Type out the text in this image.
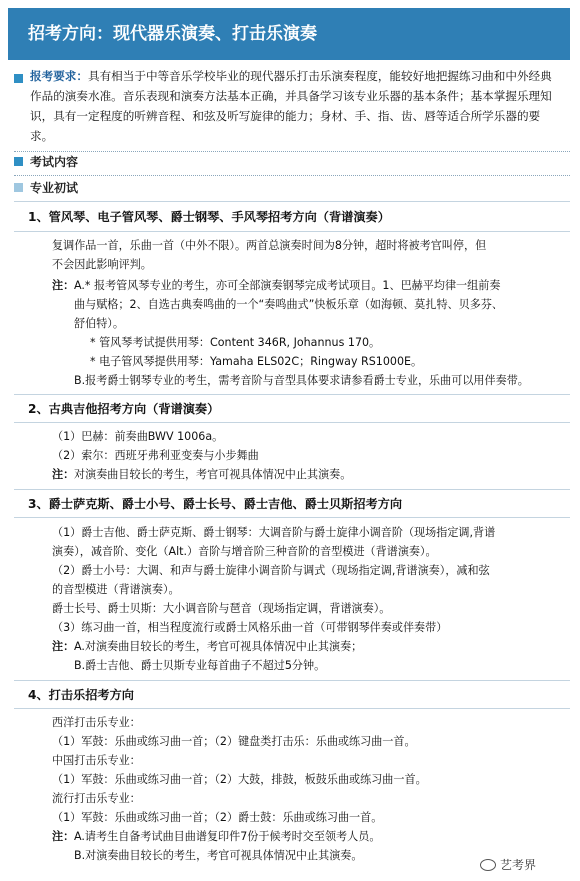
招考方向：现代器乐演奏、打击乐演奏
报考要求：具有相当于中等音乐学校毕业的现代器乐打击乐演奏程度，能较好地把握练习曲和中外经典作品的演奏水准。音乐表现和演奏方法基本正确，并具备学习该专业乐器的基本条件；基本掌握乐理知识，具有一定程度的听辨音程、和弦及听写旋律的能力；身材、手、指、齿、唇等适合所学乐器的要求。
考试内容
专业初试
1、管风琴、电子管风琴、爵士钢琴、手风琴招考方向（背谱演奏）
复调作品一首，乐曲一首（中外不限）。两首总演奏时间为8分钟，超时将被考官叫停，但
不会因此影响评判。
注： A.* 报考管风琴专业的考生，亦可全部演奏钢琴完成考试项目。1、巴赫平均律一组前奏
曲与赋格；2、自选古典奏鸣曲的一个“奏鸣曲式”快板乐章（如海顿、莫扎特、贝多芬、
舒伯特）。
* 管风琴考试提供用琴：Content 346R, Johannus 170。
* 电子管风琴提供用琴：Yamaha ELS02C；Ringway RS1000E。
B.报考爵士钢琴专业的考生，需考音阶与音型具体要求请参看爵士专业，乐曲可以用伴奏带。
2、古典吉他招考方向（背谱演奏）
（1）巴赫：前奏曲BWV 1006a。
（2）索尔：西班牙弗利亚变奏与小步舞曲
注： 对演奏曲目较长的考生，考官可视具体情况中止其演奏。
3、爵士萨克斯、爵士小号、爵士长号、爵士吉他、爵士贝斯招考方向
（1）爵士吉他、爵士萨克斯、爵士钢琴：大调音阶与爵士旋律小调音阶（现场指定调,背谱
演奏），减音阶、变化（Alt.）音阶与增音阶三种音阶的音型模进（背谱演奏）。
（2）爵士小号：大调、和声与爵士旋律小调音阶与调式（现场指定调,背谱演奏），减和弦
的音型模进（背谱演奏）。
爵士长号、爵士贝斯：大小调音阶与琶音（现场指定调，背谱演奏）。
（3）练习曲一首，相当程度流行或爵士风格乐曲一首（可带钢琴伴奏或伴奏带）
注： A.对演奏曲目较长的考生，考官可视具体情况中止其演奏；
B.爵士吉他、爵士贝斯专业每首曲子不超过5分钟。
4、打击乐招考方向
西洋打击乐专业：
（1）军鼓：乐曲或练习曲一首；（2）键盘类打击乐：乐曲或练习曲一首。
中国打击乐专业：
（1）军鼓：乐曲或练习曲一首；（2）大鼓，排鼓，板鼓乐曲或练习曲一首。
流行打击乐专业：
（1）军鼓：乐曲或练习曲一首；（2）爵士鼓：乐曲或练习曲一首。
注： A.请考生自备考试曲目曲谱复印件7份于候考时交至领考人员。
B.对演奏曲目较长的考生，考官可视具体情况中止其演奏。
艺考界
